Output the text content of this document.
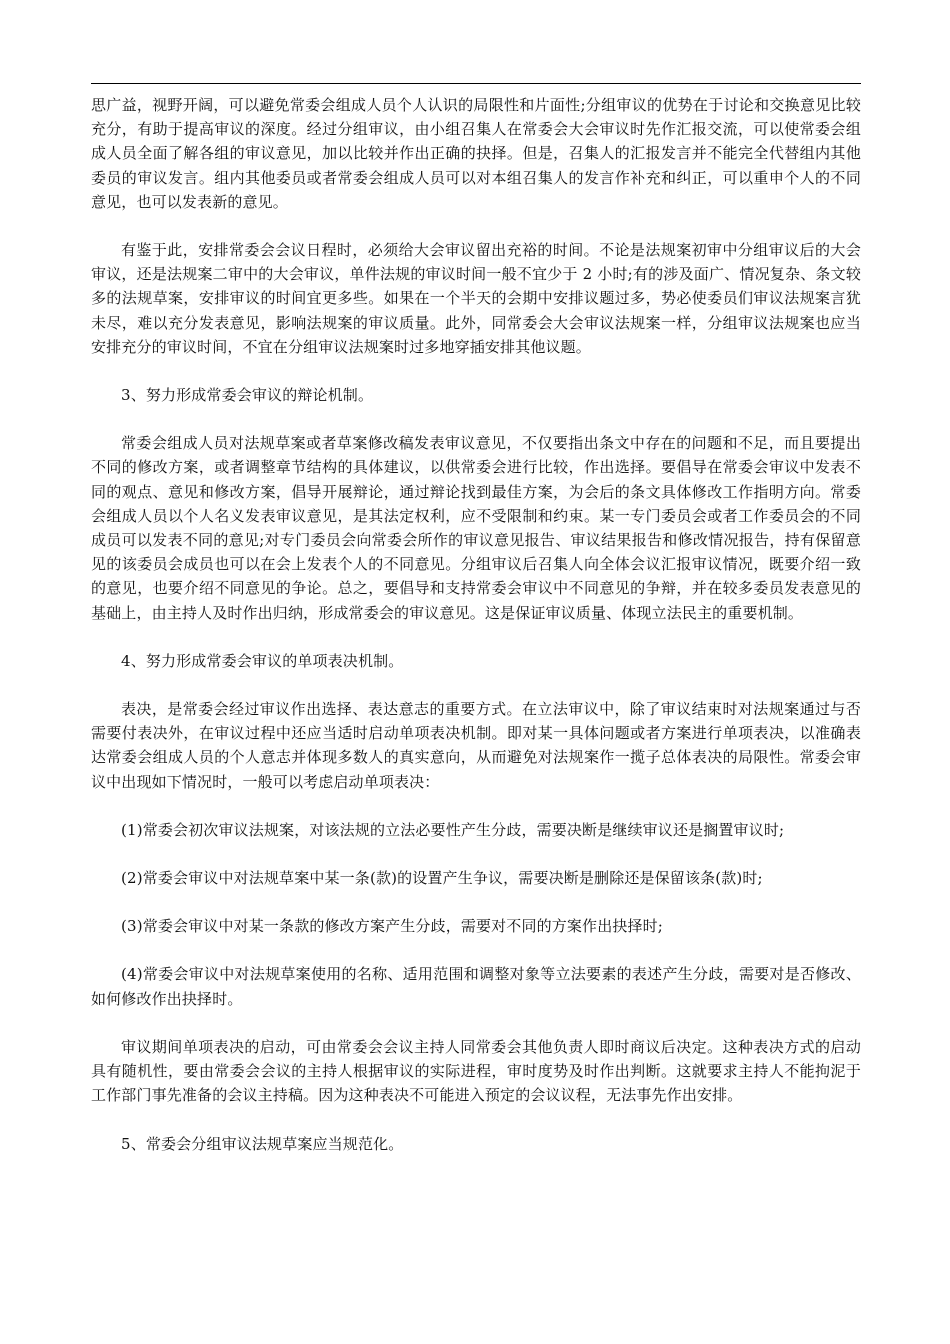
思广益，视野开阔，可以避免常委会组成人员个人认识的局限性和片面性;分组审议的优势在于讨论和交换意见比较充分，有助于提高审议的深度。经过分组审议，由小组召集人在常委会大会审议时先作汇报交流，可以使常委会组成人员全面了解各组的审议意见，加以比较并作出正确的抉择。但是，召集人的汇报发言并不能完全代替组内其他委员的审议发言。组内其他委员或者常委会组成人员可以对本组召集人的发言作补充和纠正，可以重申个人的不同意见，也可以发表新的意见。

有鉴于此，安排常委会会议日程时，必须给大会审议留出充裕的时间。不论是法规案初审中分组审议后的大会审议，还是法规案二审中的大会审议，单件法规的审议时间一般不宜少于 2 小时;有的涉及面广、情况复杂、条文较多的法规草案，安排审议的时间宜更多些。如果在一个半天的会期中安排议题过多，势必使委员们审议法规案言犹未尽，难以充分发表意见，影响法规案的审议质量。此外，同常委会大会审议法规案一样，分组审议法规案也应当安排充分的审议时间，不宜在分组审议法规案时过多地穿插安排其他议题。

3、努力形成常委会审议的辩论机制。

常委会组成人员对法规草案或者草案修改稿发表审议意见，不仅要指出条文中存在的问题和不足，而且要提出不同的修改方案，或者调整章节结构的具体建议，以供常委会进行比较，作出选择。要倡导在常委会审议中发表不同的观点、意见和修改方案，倡导开展辩论，通过辩论找到最佳方案，为会后的条文具体修改工作指明方向。常委会组成人员以个人名义发表审议意见，是其法定权利，应不受限制和约束。某一专门委员会或者工作委员会的不同成员可以发表不同的意见;对专门委员会向常委会所作的审议意见报告、审议结果报告和修改情况报告，持有保留意见的该委员会成员也可以在会上发表个人的不同意见。分组审议后召集人向全体会议汇报审议情况，既要介绍一致的意见，也要介绍不同意见的争论。总之，要倡导和支持常委会审议中不同意见的争辩，并在较多委员发表意见的基础上，由主持人及时作出归纳，形成常委会的审议意见。这是保证审议质量、体现立法民主的重要机制。

4、努力形成常委会审议的单项表决机制。

表决，是常委会经过审议作出选择、表达意志的重要方式。在立法审议中，除了审议结束时对法规案通过与否需要付表决外，在审议过程中还应当适时启动单项表决机制。即对某一具体问题或者方案进行单项表决，以准确表达常委会组成人员的个人意志并体现多数人的真实意向，从而避免对法规案作一揽子总体表决的局限性。常委会审议中出现如下情况时，一般可以考虑启动单项表决：

(1)常委会初次审议法规案，对该法规的立法必要性产生分歧，需要决断是继续审议还是搁置审议时;

(2)常委会审议中对法规草案中某一条(款)的设置产生争议，需要决断是删除还是保留该条(款)时;

(3)常委会审议中对某一条款的修改方案产生分歧，需要对不同的方案作出抉择时;

(4)常委会审议中对法规草案使用的名称、适用范围和调整对象等立法要素的表述产生分歧，需要对是否修改、如何修改作出抉择时。

审议期间单项表决的启动，可由常委会会议主持人同常委会其他负责人即时商议后决定。这种表决方式的启动具有随机性，要由常委会会议的主持人根据审议的实际进程，审时度势及时作出判断。这就要求主持人不能拘泥于工作部门事先准备的会议主持稿。因为这种表决不可能进入预定的会议议程，无法事先作出安排。

5、常委会分组审议法规草案应当规范化。
